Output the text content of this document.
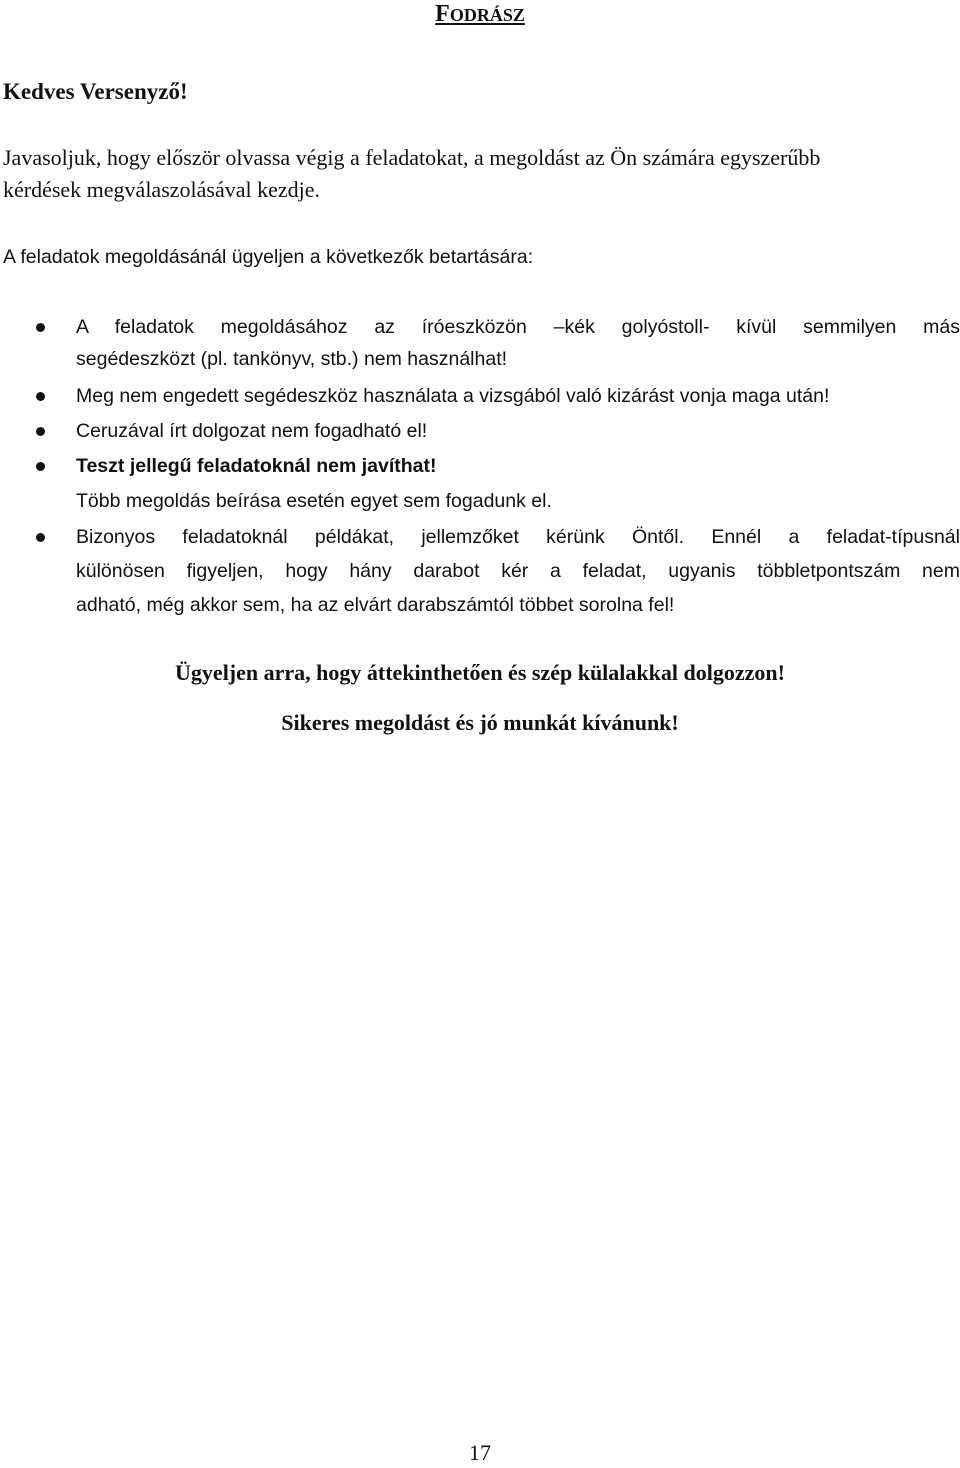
FODRÁSZ
Kedves Versenyző!
Javasoljuk, hogy először olvassa végig a feladatokat, a megoldást az Ön számára egyszerűbb
kérdések megválaszolásával kezdje.
A feladatok megoldásánál ügyeljen a következők betartására:
A feladatok megoldásához az íróeszközön –kék golyóstoll- kívül semmilyen más
segédeszközt (pl. tankönyv, stb.) nem használhat!
Meg nem engedett segédeszköz használata a vizsgából való kizárást vonja maga után!
Ceruzával írt dolgozat nem fogadható el!
Teszt jellegű feladatoknál nem javíthat!
Több megoldás beírása esetén egyet sem fogadunk el.
Bizonyos feladatoknál példákat, jellemzőket kérünk Öntől. Ennél a feladat-típusnál
különösen figyeljen, hogy hány darabot kér a feladat, ugyanis többletpontszám nem
adható, még akkor sem, ha az elvárt darabszámtól többet sorolna fel!
Ügyeljen arra, hogy áttekinthetően és szép külalakkal dolgozzon!
Sikeres megoldást és jó munkát kívánunk!
17
